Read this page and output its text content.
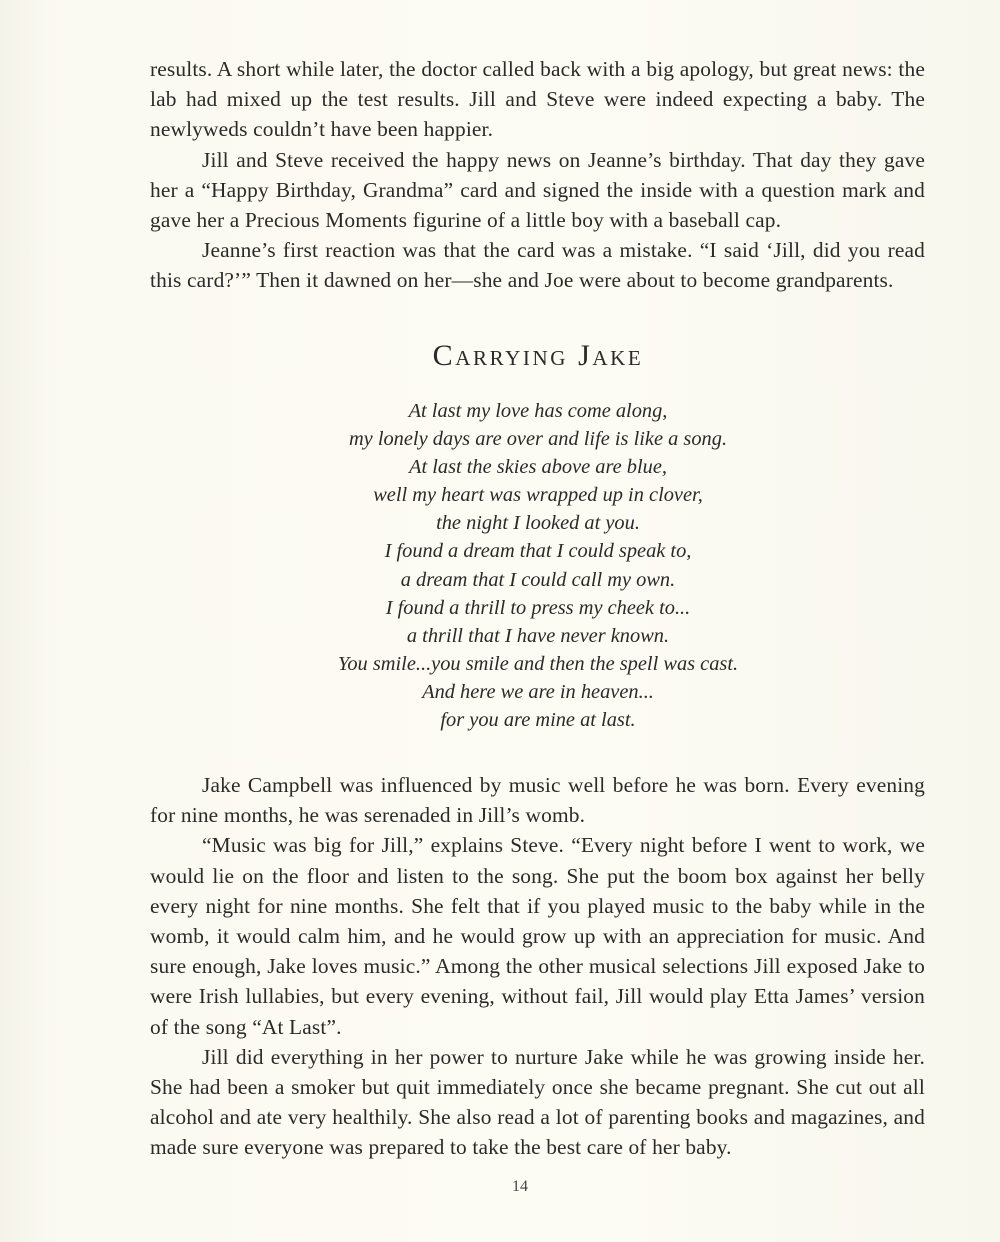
results. A short while later, the doctor called back with a big apology, but great news: the lab had mixed up the test results. Jill and Steve were indeed expecting a baby. The newlyweds couldn’t have been happier.

Jill and Steve received the happy news on Jeanne’s birthday. That day they gave her a “Happy Birthday, Grandma” card and signed the inside with a question mark and gave her a Precious Moments figurine of a little boy with a baseball cap.

Jeanne’s first reaction was that the card was a mistake. “I said ‘Jill, did you read this card?’” Then it dawned on her—she and Joe were about to become grandparents.

Carrying Jake
At last my love has come along,
my lonely days are over and life is like a song.
At last the skies above are blue,
well my heart was wrapped up in clover,
the night I looked at you.
I found a dream that I could speak to,
a dream that I could call my own.
I found a thrill to press my cheek to...
a thrill that I have never known.
You smile...you smile and then the spell was cast.
And here we are in heaven...
for you are mine at last.

Jake Campbell was influenced by music well before he was born. Every evening for nine months, he was serenaded in Jill’s womb.

“Music was big for Jill,” explains Steve. “Every night before I went to work, we would lie on the floor and listen to the song. She put the boom box against her belly every night for nine months. She felt that if you played music to the baby while in the womb, it would calm him, and he would grow up with an appreciation for music. And sure enough, Jake loves music.” Among the other musical selections Jill exposed Jake to were Irish lullabies, but every evening, without fail, Jill would play Etta James’ version of the song “At Last”.

Jill did everything in her power to nurture Jake while he was growing inside her. She had been a smoker but quit immediately once she became pregnant. She cut out all alcohol and ate very healthily. She also read a lot of parenting books and magazines, and made sure everyone was prepared to take the best care of her baby.

14
